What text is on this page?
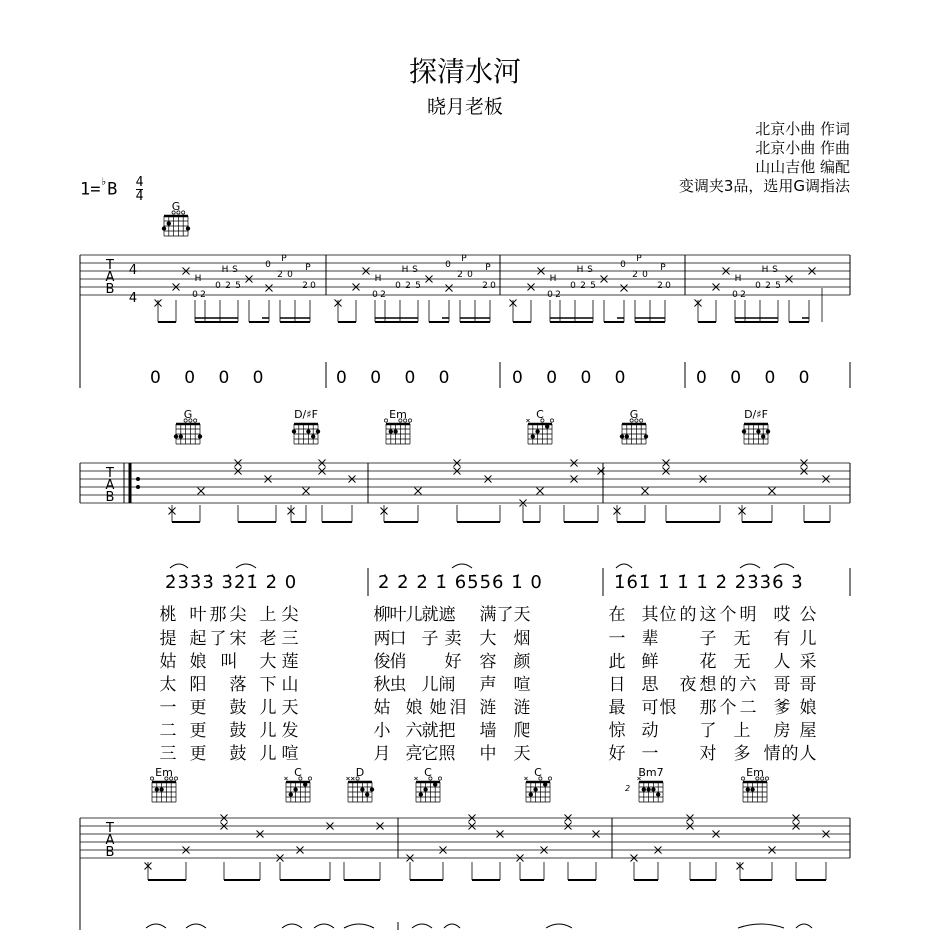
探清水河
晓月老板
北京小曲 作词
北京小曲 作曲
山山吉他 编配
变调夹3品，选用G调指法
$1=^♭B \frac{4}{4}$
T
A
B
4
4
H
0 2
H S
0 2 5
0
P
2 0
P
2 0
H
0 2
H S
0 2 5
0
P
2 0
P
2 0
H
0 2
H S
0 2 5
0
P
2 0
P
2 0
H
0 2
H S
0 2 5
T
A
B
T
A
B
0 0 0 0	0 0 0 0	0 0 0 0	0 0 0 0
2̇3̇3̇3̇ 3̇2̇1̇ 2̇ 0	2̇ 2̇ 2̇ 1̇ 6̇5̇5̇6̇ 1̇ 0	1̇6̇1̇ 1̇ 1̇ 1̇ 2̇ 2̇3̇3̇6̇ 3̇
桃 叶 那 尖 上 尖	柳 叶 儿 就 遮 满 了 天	在 其 位 的 这 个 明 哎 公
提 起 了 宋 老 三	两 口 子 卖 大 烟	一 辈 子 无 有 儿
姑 娘 叫 大 莲	俊 俏 好 容 颜	此 鲜 花 无 人 采
太 阳 落 下 山	秋 虫 儿 闹 声 喧	日 思 夜 想 的 六 哥 哥
一 更 鼓 儿 天	姑 娘 她 泪 涟 涟	最 可 恨 那 个 二 爹 娘
二 更 鼓 儿 发	小 六 就 把 墙 爬	惊 动 了 上 房 屋
三 更 鼓 儿 喧	月 亮 它 照 中 天	好 一 对 多 情 的 人
G
G	D/♯F	Em	C	G	D/♯F
Em	C	D	C	C	Bm7	Em
2
